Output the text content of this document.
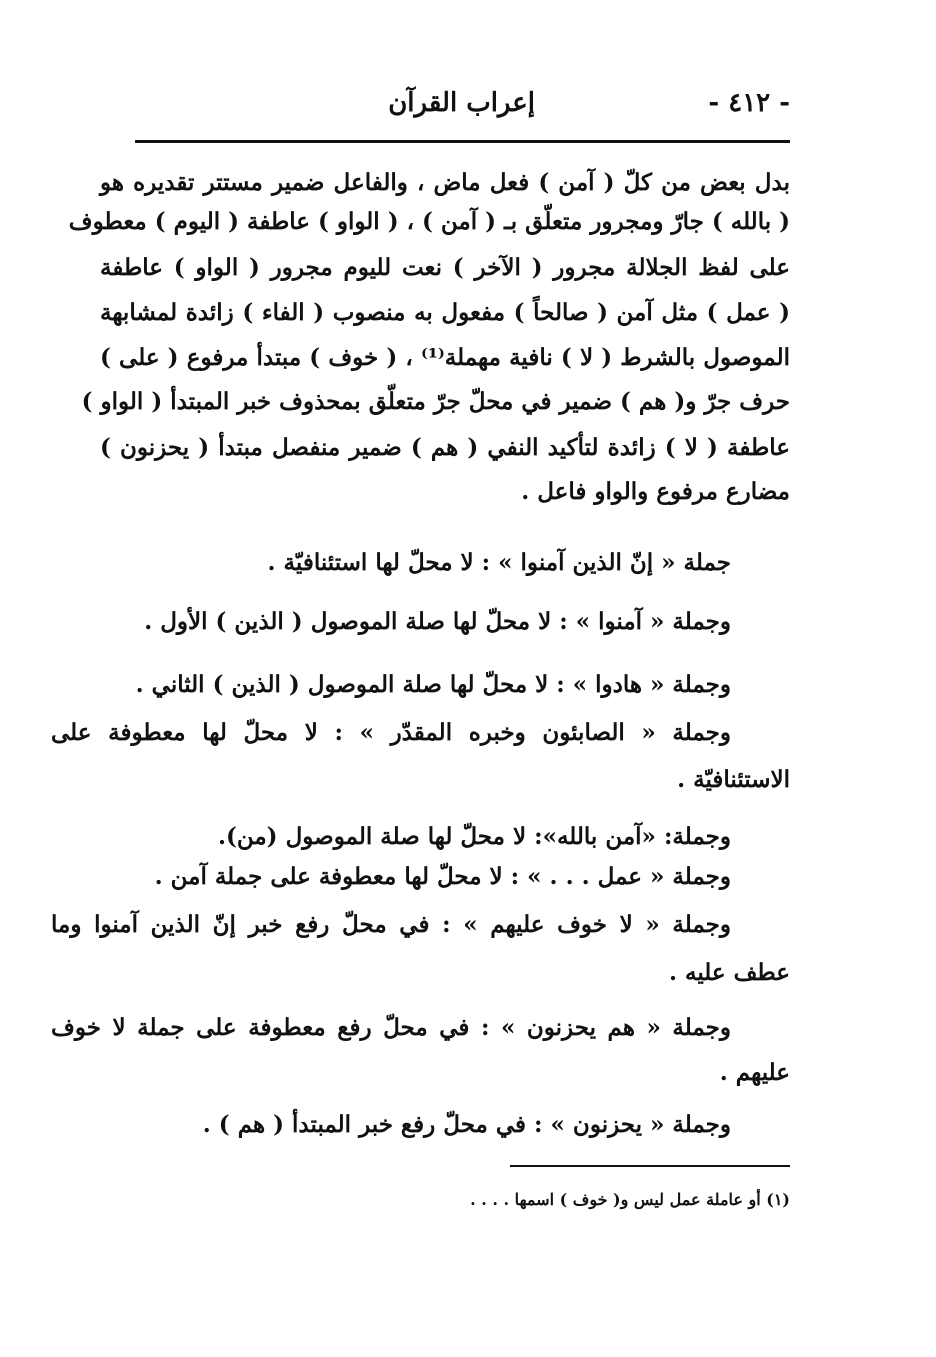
- ٤١٢ -
إعراب القرآن
بدل بعض من كلّ ( آمن ) فعل ماض ، والفاعل ضمير مستتر تقديره هو
( بالله ) جارّ ومجرور متعلّق بـ ( آمن ) ، ( الواو ) عاطفة ( اليوم ) معطوف
على لفظ الجلالة مجرور ( الآخر ) نعت لليوم مجرور ( الواو ) عاطفة
( عمل ) مثل آمن ( صالحاً ) مفعول به منصوب ( الفاء ) زائدة لمشابهة
الموصول بالشرط ( لا ) نافية مهملة⁽¹⁾ ، ( خوف ) مبتدأ مرفوع ( على )
حرف جرّ و( هم ) ضمير في محلّ جرّ متعلّق بمحذوف خبر المبتدأ ( الواو )
عاطفة ( لا ) زائدة لتأكيد النفي ( هم ) ضمير منفصل مبتدأ ( يحزنون )
مضارع مرفوع والواو فاعل .
جملة « إنّ الذين آمنوا » : لا محلّ لها استئنافيّة .
وجملة « آمنوا » : لا محلّ لها صلة الموصول ( الذين ) الأول .
وجملة « هادوا » : لا محلّ لها صلة الموصول ( الذين ) الثاني .
وجملة « الصابئون وخبره المقدّر » : لا محلّ لها معطوفة على
الاستئنافيّة .
وجملة: «آمن بالله»: لا محلّ لها صلة الموصول (من).
وجملة « عمل . . . » : لا محلّ لها معطوفة على جملة آمن .
وجملة « لا خوف عليهم » : في محلّ رفع خبر إنّ الذين آمنوا وما
عطف عليه .
وجملة « هم يحزنون » : في محلّ رفع معطوفة على جملة لا خوف
عليهم .
وجملة « يحزنون » : في محلّ رفع خبر المبتدأ ( هم ) .
(١) أو عاملة عمل ليس و( خوف ) اسمها . . . .
